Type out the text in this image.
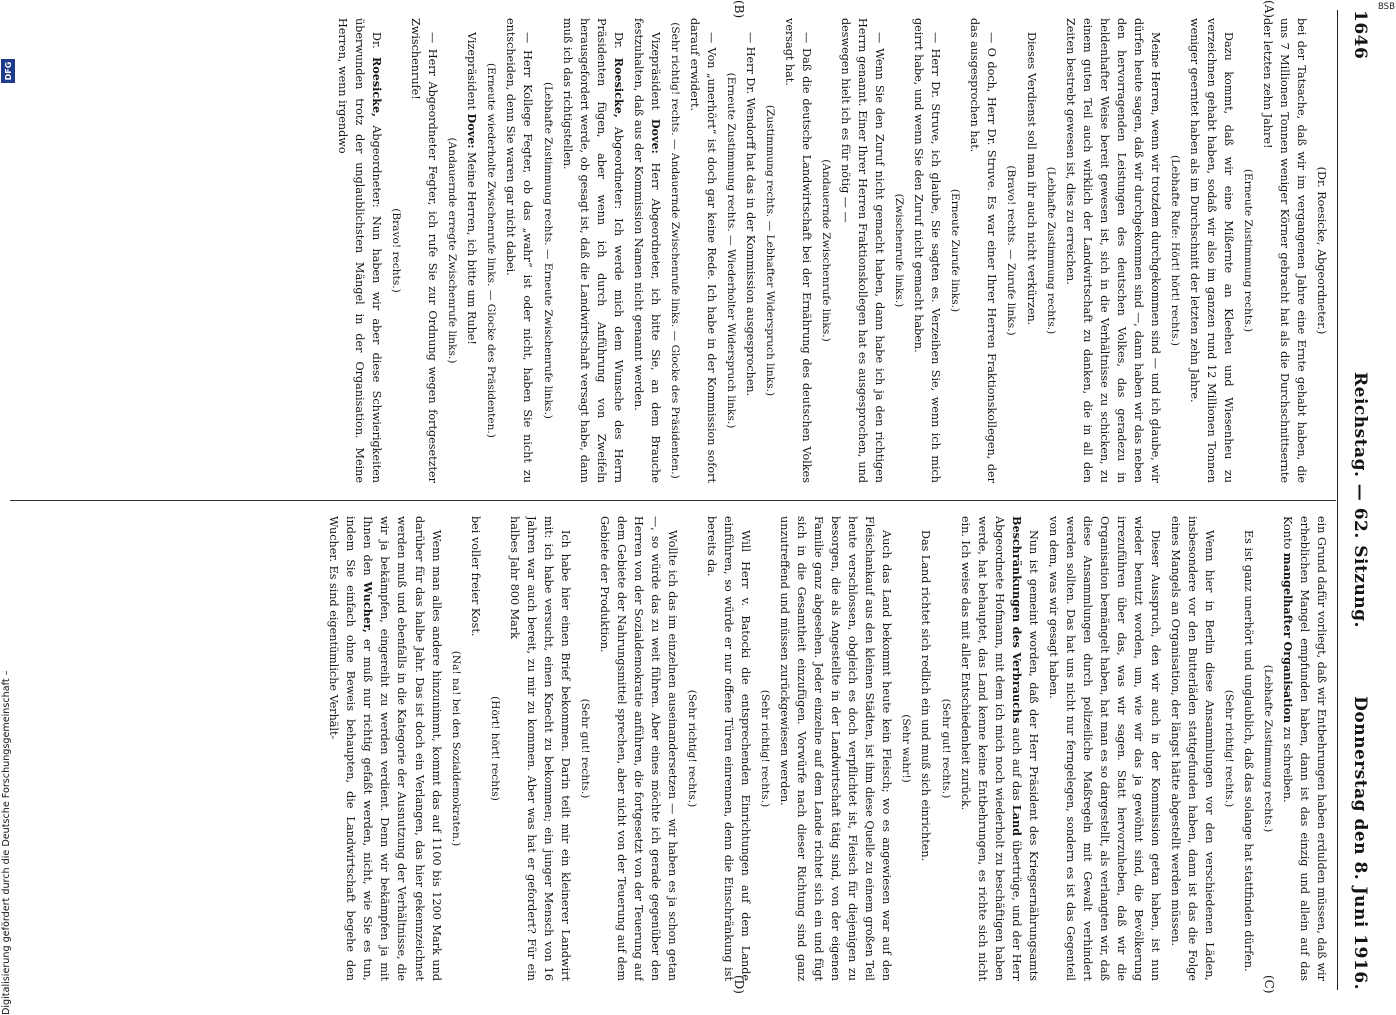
1646
Reichstag. — 62. Sitzung.
Donnerstag den 8. Juni 1916.
(A)
(B)
(C)
(D)

(Dr. Roesicke, Abgeordneter.)

bei der Tatsache, daß wir im vergangenen Jahre eine Ernte gehabt haben, die uns 7 Millionen Tonnen weniger Körner gebracht hat als die Durchschnittsernte der letzten zehn Jahre!

(Erneute Zustimmung rechts.)

Dazu kommt, daß wir eine Mißernte an Kleeheu und Wiesenheu zu verzeichnen gehabt haben, sodaß wir also im ganzen rund 12 Millionen Tonnen weniger geerntet haben als im Durchschnitt der letzten zehn Jahre.

(Lebhafte Rufe: Hört! hört! rechts.)

Meine Herren, wenn wir trotzdem durchgekommen sind — und ich glaube, wir dürfen heute sagen, daß wir durchgekommen sind —, dann haben wir das neben den hervorragenden Leistungen des deutschen Volkes, das geradezu in heldenhafter Weise bereit gewesen ist, sich in die Verhältnisse zu schicken, zu einem guten Teil auch wirklich der Landwirtschaft zu danken, die in all den Zeiten bestrebt gewesen ist, dies zu erreichen.

(Lebhafte Zustimmung rechts.)

Dieses Verdienst soll man ihr auch nicht verkürzen.

(Bravo! rechts. — Zurufe links.)

— O doch, Herr Dr. Struve. Es war einer Ihrer Herren Fraktionskollegen, der das ausgesprochen hat.

(Erneute Zurufe links.)

— Herr Dr. Struve, ich glaube, Sie sagten es. Verzeihen Sie, wenn ich mich geirrt habe, und wenn Sie den Zuruf nicht gemacht haben.

(Zwischenrufe links.)

— Wenn Sie den Zuruf nicht gemacht haben, dann habe ich ja den richtigen Herrn genannt. Einer Ihrer Herren Fraktionskollegen hat es ausgesprochen, und deswegen hielt ich es für nötig — —

(Andauernde Zwischenrufe links.)

— Daß die deutsche Landwirtschaft bei der Ernährung des deutschen Volkes versagt hat.

(Zustimmung rechts. — Lebhafter Widerspruch links.)

— Herr Dr. Wendorff hat das in der Kommission ausgesprochen.

(Erneute Zustimmung rechts. — Wiederholter Widerspruch links.)

— Von „unerhört“ ist doch gar keine Rede. Ich habe in der Kommission sofort darauf erwidert.

(Sehr richtig! rechts. — Andauernde Zwischenrufe links. — Glocke des Präsidenten.)

Vizepräsident Dove: Herr Abgeordneter, ich bitte Sie, an dem Brauche festzuhalten, daß aus der Kommission Namen nicht genannt werden.

Dr. Roesicke, Abgeordneter: Ich werde mich dem Wunsche des Herrn Präsidenten fügen, aber wenn ich durch Anführung von Zweifeln herausgefordert werde, ob gesagt ist, daß die Landwirtschaft versagt habe, dann muß ich das richtigstellen.

(Lebhafte Zustimmung rechts. — Erneute Zwischenrufe links.)

— Herr Kollege Fegter, ob das „wahr“ ist oder nicht, haben Sie nicht zu entscheiden, denn Sie waren gar nicht dabei.

(Erneute wiederholte Zwischenrufe links. — Glocke des Präsidenten.)

Vizepräsident Dove: Meine Herren, ich bitte um Ruhe!

(Andauernde erregte Zwischenrufe links.)

— Herr Abgeordneter Fegter, ich rufe Sie zur Ordnung wegen fortgesetzter Zwischenrufe!

(Bravo! rechts.)

Dr. Roesicke, Abgeordneter: Nun haben wir aber diese Schwierigkeiten überwunden trotz der unglaublichsten Mängel in der Organisation. Meine Herren, wenn irgendwo

ein Grund dafür vorliegt, daß wir Entbehrungen haben erdulden müssen, daß wir erheblichen Mangel empfunden haben, dann ist das einzig und allein auf das Konto mangelhafter Organisation zu schreiben.

(Lebhafte Zustimmung rechts.)

Es ist ganz unerhört und unglaublich, daß das solange hat stattfinden dürfen.

(Sehr richtig! rechts.)

Wenn hier in Berlin diese Ansammlungen vor den verschiedenen Läden, insbesondere vor den Butterläden stattgefunden haben, dann ist das die Folge eines Mangels an Organisation, der längst hätte abgestellt werden müssen.

Dieser Ausspruch, den wir auch in der Kommission getan haben, ist nun wieder benutzt worden, um, wie wir das ja gewöhnt sind, die Bevölkerung irrezuführen über das, was wir sagen. Statt hervorzuheben, daß wir die Organisation bemängelt haben, hat man es so dargestellt, als verlangten wir, daß diese Ansammlungen durch polizeiliche Maßregeln mit Gewalt verhindert werden sollten. Das hat uns nicht nur ferngelegen, sondern es ist das Gegenteil von dem, was wir gesagt haben.

Nun ist gemeint worden, daß der Herr Präsident des Kriegsernährungsamts Beschränkungen des Verbrauchs auch auf das Land übertrüge, und der Herr Abgeordnete Hofmann, mit dem ich mich noch wiederholt zu beschäftigen haben werde, hat behauptet, das Land kenne keine Entbehrungen, es richte sich nicht ein. Ich weise das mit aller Entschiedenheit zurück.

(Sehr gut! rechts.)

Das Land richtet sich redlich ein und muß sich einrichten.

(Sehr wahr!)

Auch das Land bekommt heute kein Fleisch; wo es angewiesen war auf den Fleischankauf aus den kleinen Städten, ist ihm diese Quelle zu einem großen Teil heute verschlossen, obgleich es doch verpflichtet ist, Fleisch für diejenigen zu besorgen, die als Angestellte in der Landwirtschaft tätig sind, von der eigenen Familie ganz abgesehen. Jeder einzelne auf dem Lande richtet sich ein und fügt sich in die Gesamtheit einzufügen. Vorwürfe nach dieser Richtung sind ganz unzutreffend und müssen zurückgewiesen werden.

(Sehr richtig! rechts.)

Will Herr v. Batocki die entsprechenden Einrichtungen auf dem Lande einführen, so würde er nur offene Türen einrennen, denn die Einschränkung ist bereits da.

(Sehr richtig! rechts.)

Wollte ich das im einzelnen auseinandersetzen — wir haben es ja schon getan —, so würde das zu weit führen. Aber eines möchte ich gerade gegenüber den Herren von der Sozialdemokratie anführen, die fortgesetzt von der Teuerung auf dem Gebiete der Nahrungsmittel sprechen, aber nicht von der Teuerung auf dem Gebiete der Produktion.

(Sehr gut! rechts.)

Ich habe hier einen Brief bekommen. Darin teilt mir ein kleinerer Landwirt mit: ich habe versucht, einen Knecht zu bekommen; ein junger Mensch von 16 Jahren war auch bereit, zu mir zu kommen. Aber was hat er gefordert? Für ein halbes Jahr 800 Mark

(Hört! hört! rechts)

bei voller freier Kost.

(Na! na! bei den Sozialdemokraten.)

Wenn man alles andere hinzunimmt, kommt das auf 1100 bis 1200 Mark und darüber für das halbe Jahr. Das ist doch ein Verlangen, das hier gekennzeichnet werden muß und ebenfalls in die Kategorie der Ausnutzung der Verhältnisse, die wir ja bekämpfen, eingereiht zu werden verdient. Denn wir bekämpfen ja mit Ihnen den Wucher, er muß nur richtig gefaßt werden, nicht, wie Sie es tun, indem Sie einfach ohne Beweis behaupten, die Landwirtschaft begehe den Wucher. Es sind eigentümliche Verhält-

BSB
Digitalisierung gefördert durch die Deutsche Forschungsgemeinschaft –
DFG
